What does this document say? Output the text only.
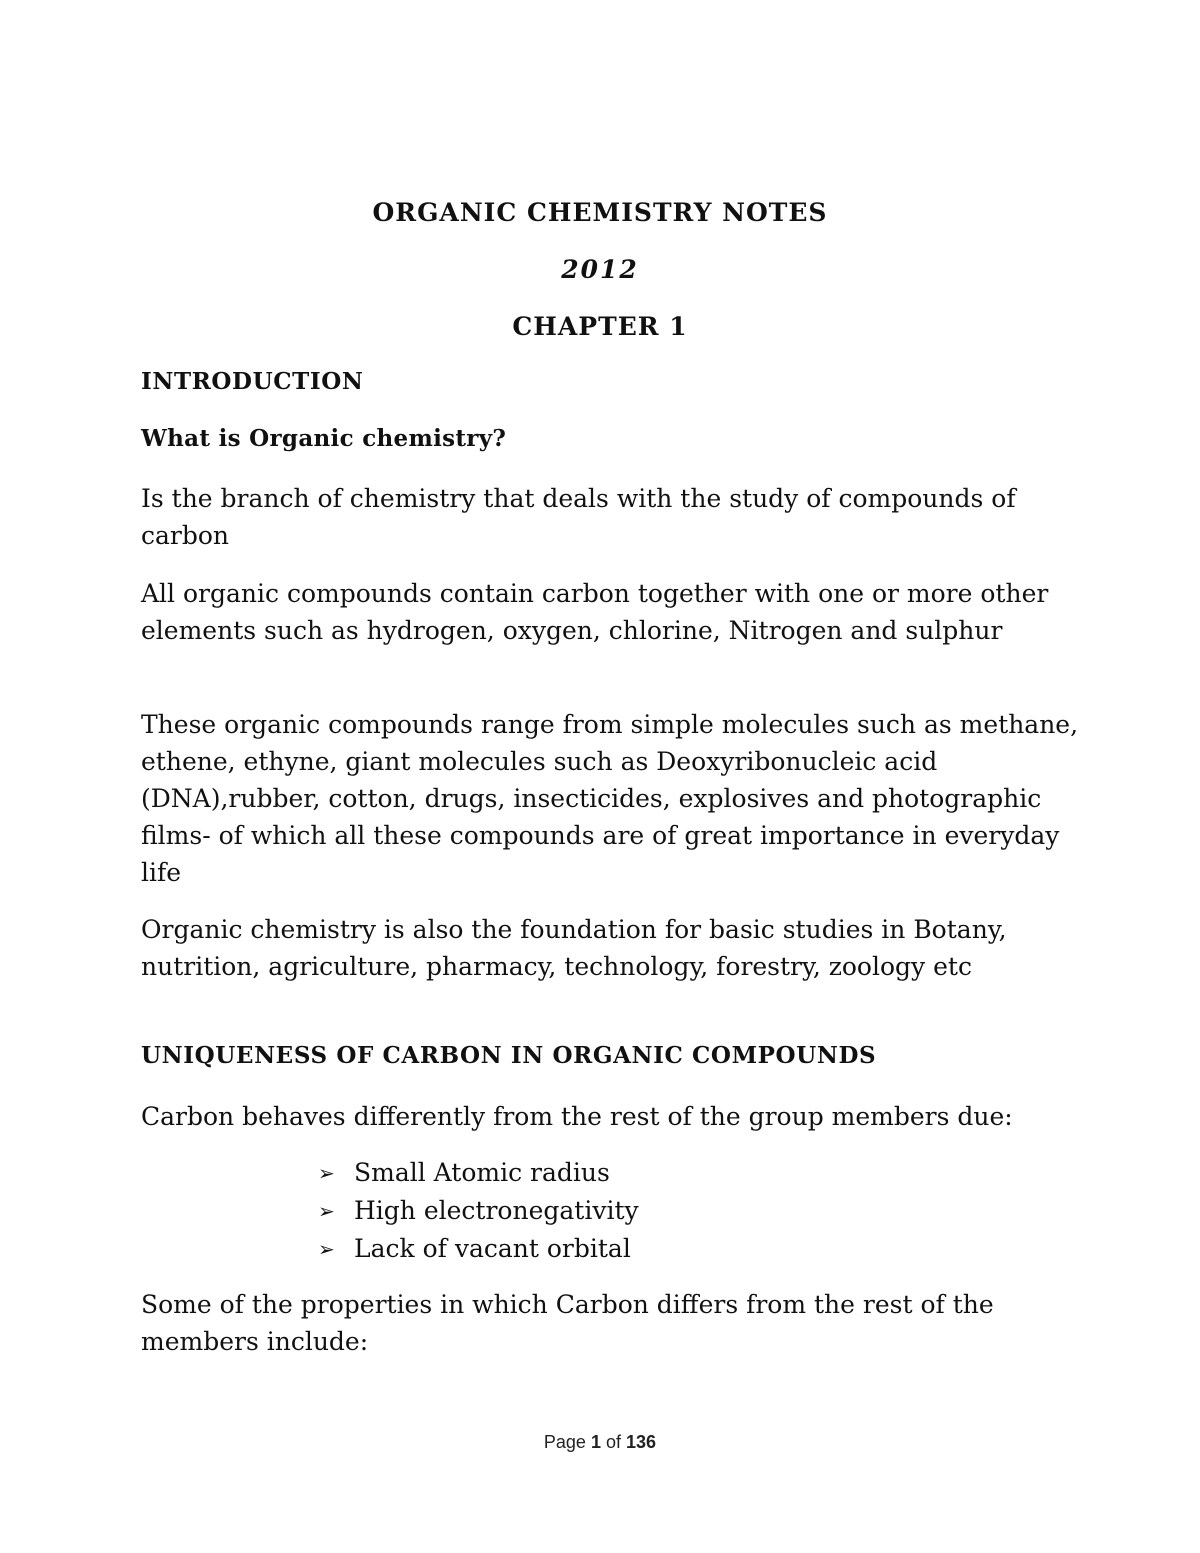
ORGANIC CHEMISTRY NOTES
2012
CHAPTER 1
INTRODUCTION
What is Organic chemistry?
Is the branch of chemistry that deals with the study of compounds of carbon
All organic compounds contain carbon together with one or more other elements such as hydrogen, oxygen, chlorine, Nitrogen and sulphur
These organic compounds range from simple molecules such as methane, ethene, ethyne, giant molecules such as Deoxyribonucleic acid (DNA),rubber, cotton, drugs, insecticides, explosives and photographic films- of which all these compounds are of great importance in everyday life
Organic chemistry is also the foundation for basic studies in Botany, nutrition, agriculture, pharmacy, technology, forestry, zoology etc
UNIQUENESS OF CARBON IN ORGANIC COMPOUNDS
Carbon behaves differently from the rest of the group members due:
➢ Small Atomic radius
➢ High electronegativity
➢ Lack of vacant orbital
Some of the properties in which Carbon differs from the rest of the members include:
Page 1 of 136
